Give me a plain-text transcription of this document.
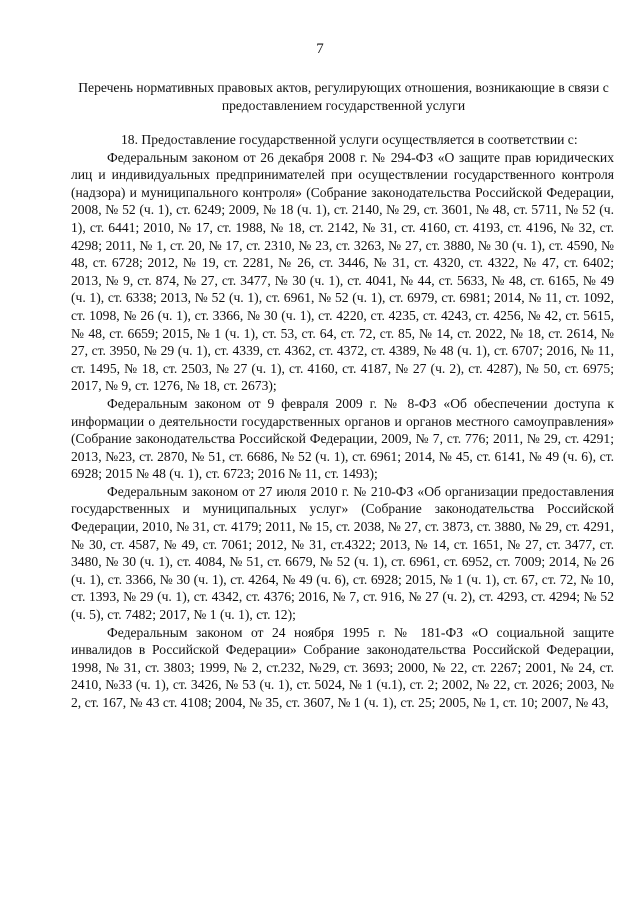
7
Перечень нормативных правовых актов, регулирующих отношения, возникающие в связи с предоставлением государственной услуги

18. Предоставление государственной услуги осуществляется в соответствии с:

Федеральным законом от 26 декабря 2008 г. № 294-ФЗ «О защите прав юридических лиц и индивидуальных предпринимателей при осуществлении государственного контроля (надзора) и муниципального контроля» (Собрание законодательства Российской Федерации, 2008, № 52 (ч. 1), ст. 6249; 2009, № 18 (ч. 1), ст. 2140, № 29, ст. 3601, № 48, ст. 5711, № 52 (ч. 1), ст. 6441; 2010, № 17, ст. 1988, № 18, ст. 2142, № 31, ст. 4160, ст. 4193, ст. 4196, № 32, ст. 4298; 2011, № 1, ст. 20, № 17, ст. 2310, № 23, ст. 3263, № 27, ст. 3880, № 30 (ч. 1), ст. 4590, № 48, ст. 6728; 2012, № 19, ст. 2281, № 26, ст. 3446, № 31, ст. 4320, ст. 4322, № 47, ст. 6402; 2013, № 9, ст. 874, № 27, ст. 3477, № 30 (ч. 1), ст. 4041, № 44, ст. 5633, № 48, ст. 6165, № 49 (ч. 1), ст. 6338; 2013, № 52 (ч. 1), ст. 6961, № 52 (ч. 1), ст. 6979, ст. 6981; 2014, № 11, ст. 1092, ст. 1098, № 26 (ч. 1), ст. 3366, № 30 (ч. 1), ст. 4220, ст. 4235, ст. 4243, ст. 4256, № 42, ст. 5615, № 48, ст. 6659; 2015, № 1 (ч. 1), ст. 53, ст. 64, ст. 72, ст. 85, № 14, ст. 2022, № 18, ст. 2614, № 27, ст. 3950, № 29 (ч. 1), ст. 4339, ст. 4362, ст. 4372, ст. 4389, № 48 (ч. 1), ст. 6707; 2016, № 11, ст. 1495, № 18, ст. 2503, № 27 (ч. 1), ст. 4160, ст. 4187, № 27 (ч. 2), ст. 4287), № 50, ст. 6975; 2017, № 9, ст. 1276, № 18, ст. 2673);

Федеральным законом от 9 февраля 2009 г. № 8-ФЗ «Об обеспечении доступа к информации о деятельности государственных органов и органов местного самоуправления» (Собрание законодательства Российской Федерации, 2009, № 7, ст. 776; 2011, № 29, ст. 4291; 2013, №23, ст. 2870, № 51, ст. 6686, № 52 (ч. 1), ст. 6961; 2014, № 45, ст. 6141, № 49 (ч. 6), ст. 6928; 2015 № 48 (ч. 1), ст. 6723; 2016 № 11, ст. 1493);

Федеральным законом от 27 июля 2010 г. № 210-ФЗ «Об организации предоставления государственных и муниципальных услуг» (Собрание законодательства Российской Федерации, 2010, № 31, ст. 4179; 2011, № 15, ст. 2038, № 27, ст. 3873, ст. 3880, № 29, ст. 4291, № 30, ст. 4587, № 49, ст. 7061; 2012, № 31, ст.4322; 2013, № 14, ст. 1651, № 27, ст. 3477, ст. 3480, № 30 (ч. 1), ст. 4084, № 51, ст. 6679, № 52 (ч. 1), ст. 6961, ст. 6952, ст. 7009; 2014, № 26 (ч. 1), ст. 3366, № 30 (ч. 1), ст. 4264, № 49 (ч. 6), ст. 6928; 2015, № 1 (ч. 1), ст. 67, ст. 72, № 10, ст. 1393, № 29 (ч. 1), ст. 4342, ст. 4376; 2016, № 7, ст. 916, № 27 (ч. 2), ст. 4293, ст. 4294; № 52 (ч. 5), ст. 7482; 2017, № 1 (ч. 1), ст. 12);

Федеральным законом от 24 ноября 1995 г. № 181-ФЗ «О социальной защите инвалидов в Российской Федерации» Собрание законодательства Российской Федерации, 1998, № 31, ст. 3803; 1999, № 2, ст.232, №29, ст. 3693; 2000, № 22, ст. 2267; 2001, № 24, ст. 2410, №33 (ч. 1), ст. 3426, № 53 (ч. 1), ст. 5024, № 1 (ч.1), ст. 2; 2002, № 22, ст. 2026; 2003, № 2, ст. 167, № 43 ст. 4108; 2004, № 35, ст. 3607, № 1 (ч. 1), ст. 25; 2005, № 1, ст. 10; 2007, № 43,
